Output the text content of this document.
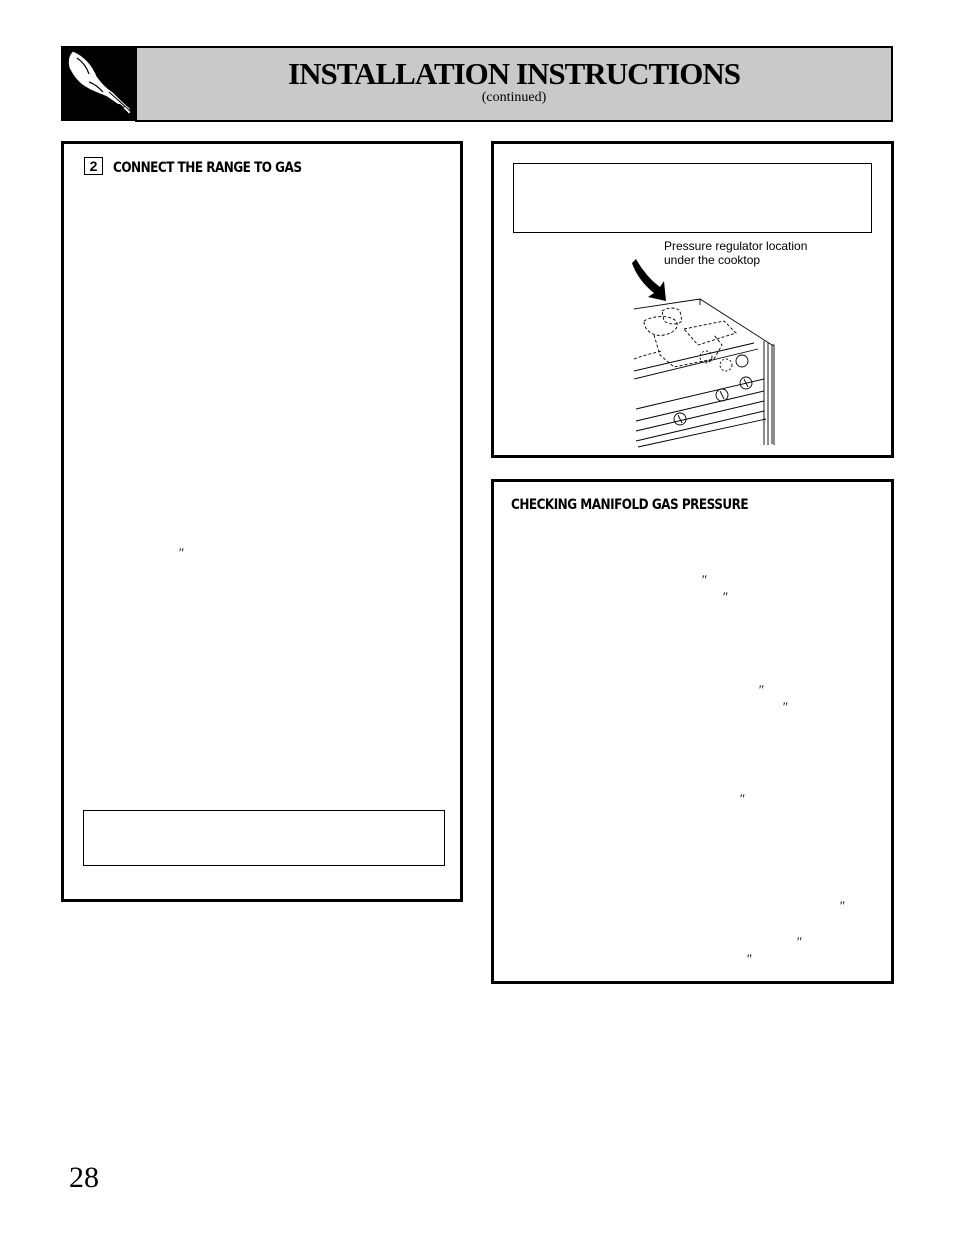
INSTALLATION INSTRUCTIONS
(continued)
2	CONNECT THE RANGE TO GAS
″
Pressure regulator location
under the cooktop
CHECKING MANIFOLD GAS PRESSURE
″
″
″
″
″
″
″
″
28
